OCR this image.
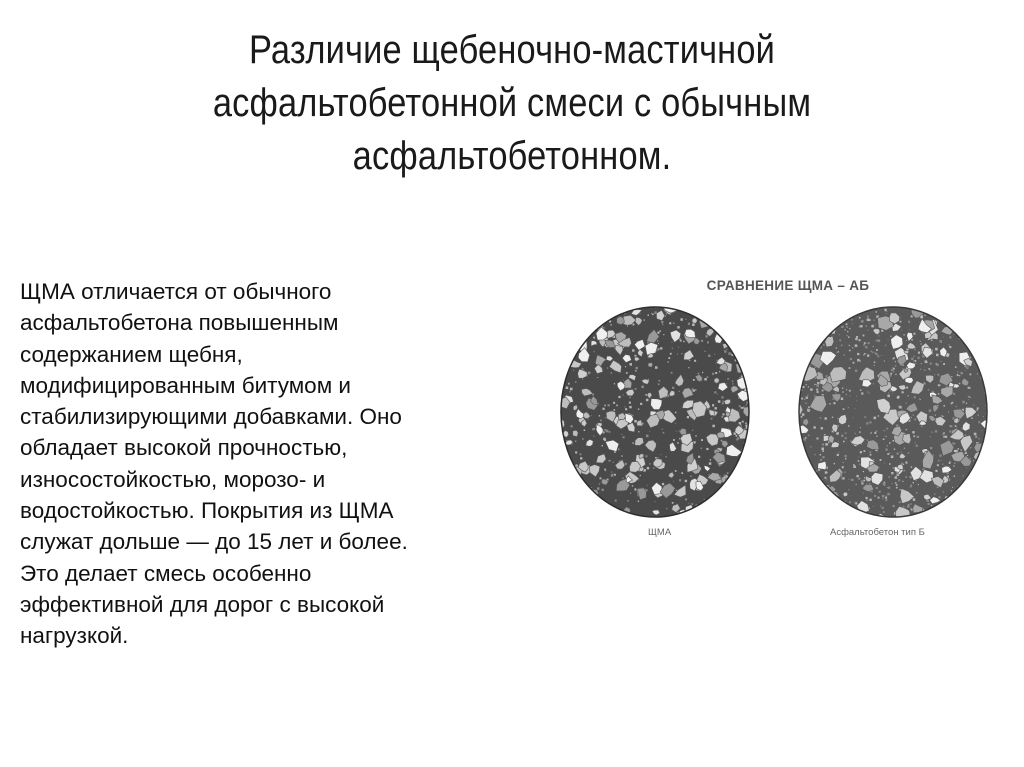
Различие щебеночно-мастичной
асфальтобетонной смеси с обычным
асфальтобетонном.
ЩМА отличается от обычного
асфальтобетона повышенным
содержанием щебня,
модифицированным битумом и
стабилизирующими добавками. Оно
обладает высокой прочностью,
износостойкостью, морозо- и
водостойкостью. Покрытия из ЩМА
служат дольше — до 15 лет и более.
Это делает смесь особенно
эффективной для дорог с высокой
нагрузкой.
СРАВНЕНИЕ ЩМА – АБ
ЩМА	Асфальтобетон тип Б
